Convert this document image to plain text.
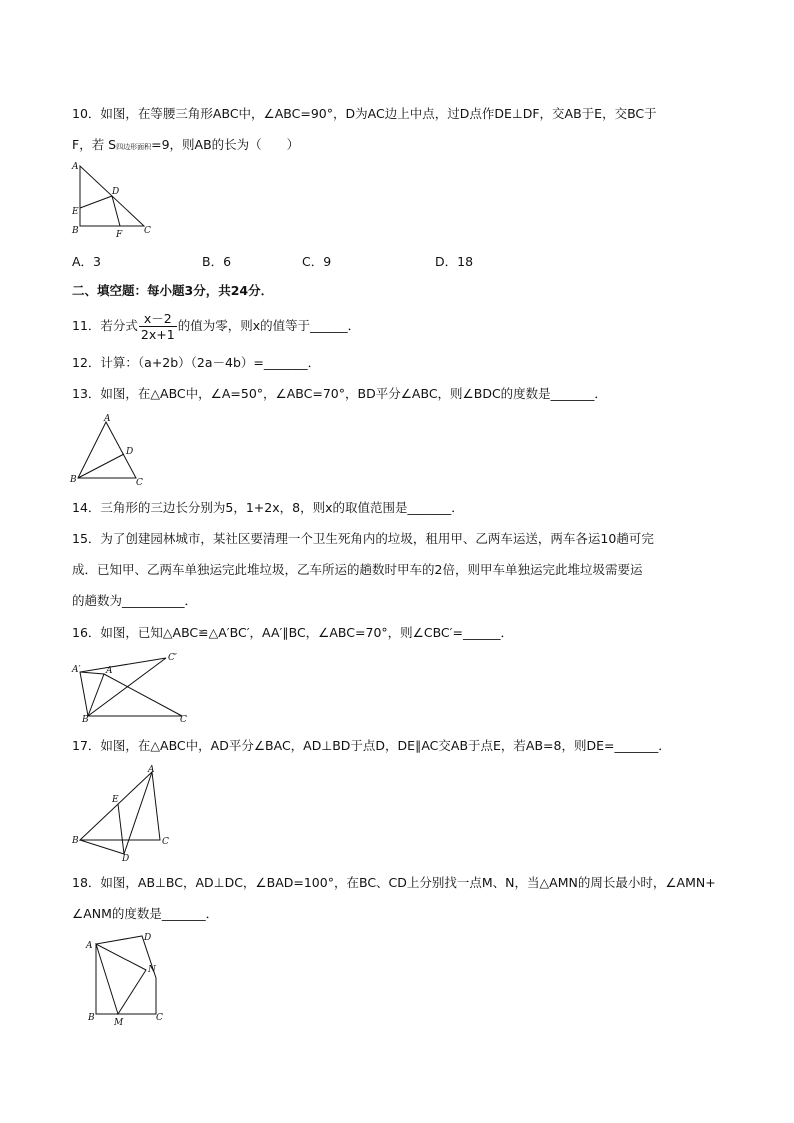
10．如图，在等腰三角形ABC中，∠ABC=90°，D为AC边上中点，过D点作DE⊥DF，交AB于E，交BC于
F，若 S四边形面积=9，则AB的长为（　　）
A
E
B
D
F C
A．3	B．6	C．9	D．18
二、填空题：每小题3分，共24分．
11．若分式 $\frac{x-2}{2x+1}$ 的值为零，则x的值等于______．
12．计算：（a+2b）（2a－4b）=_______．
13．如图，在△ABC中，∠A=50°，∠ABC=70°，BD平分∠ABC，则∠BDC的度数是_______．
A
B	C
D
14．三角形的三边长分别为5，1+2x，8，则x的取值范围是_______．
15．为了创建园林城市，某社区要清理一个卫生死角内的垃圾，租用甲、乙两车运送，两车各运10趟可完
成．已知甲、乙两车单独运完此堆垃圾，乙车所运的趟数时甲车的2倍，则甲车单独运完此堆垃圾需要运
的趟数为__________．
16．如图，已知△ABC≌△A′BC′，AA′∥BC，∠ABC=70°，则∠CBC′=______．
A′	A
B	C
C′
17．如图，在△ABC中，AD平分∠BAC，AD⊥BD于点D，DE∥AC交AB于点E，若AB=8，则DE=_______．
A
B	C
D
E
18．如图，AB⊥BC，AD⊥DC，∠BAD=100°，在BC、CD上分别找一点M、N，当△AMN的周长最小时，∠AMN+
∠ANM的度数是_______．
A
B	C
D
M
N
